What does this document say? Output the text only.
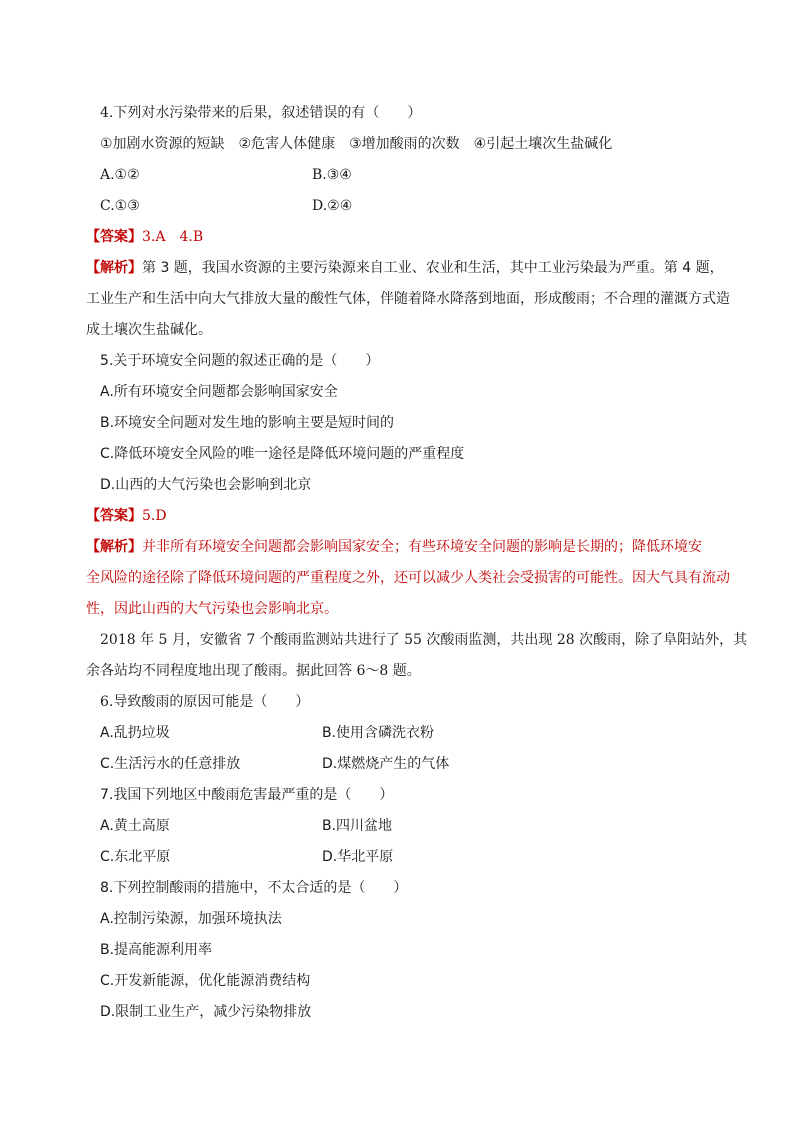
4.下列对水污染带来的后果，叙述错误的有（　　）
①加剧水资源的短缺　②危害人体健康　③增加酸雨的次数　④引起土壤次生盐碱化
A.①②	B.③④
C.①③	D.②④
【答案】3.A　4.B
【解析】第 3 题，我国水资源的主要污染源来自工业、农业和生活，其中工业污染最为严重。第 4 题，
工业生产和生活中向大气排放大量的酸性气体，伴随着降水降落到地面，形成酸雨；不合理的灌溉方式造
成土壤次生盐碱化。
5.关于环境安全问题的叙述正确的是（　　）
A.所有环境安全问题都会影响国家安全
B.环境安全问题对发生地的影响主要是短时间的
C.降低环境安全风险的唯一途径是降低环境问题的严重程度
D.山西的大气污染也会影响到北京
【答案】5.D
【解析】并非所有环境安全问题都会影响国家安全；有些环境安全问题的影响是长期的；降低环境安
全风险的途径除了降低环境问题的严重程度之外，还可以减少人类社会受损害的可能性。因大气具有流动
性，因此山西的大气污染也会影响北京。
2018 年 5 月，安徽省 7 个酸雨监测站共进行了 55 次酸雨监测，共出现 28 次酸雨，除了阜阳站外，其
余各站均不同程度地出现了酸雨。据此回答 6～8 题。
6.导致酸雨的原因可能是（　　）
A.乱扔垃圾	B.使用含磷洗衣粉
C.生活污水的任意排放	D.煤燃烧产生的气体
7.我国下列地区中酸雨危害最严重的是（　　）
A.黄土高原	B.四川盆地
C.东北平原	D.华北平原
8.下列控制酸雨的措施中，不太合适的是（　　）
A.控制污染源，加强环境执法
B.提高能源利用率
C.开发新能源，优化能源消费结构
D.限制工业生产，减少污染物排放
